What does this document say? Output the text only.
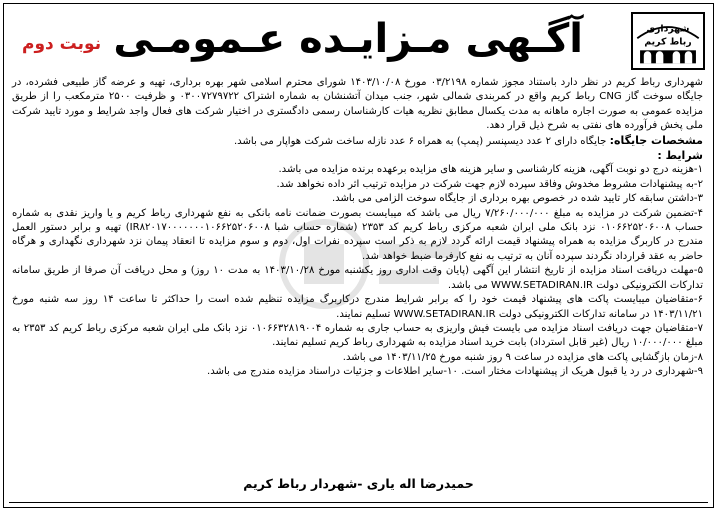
شهرداری
رباط کریم
آگـهی مـزایـده عـمومـی
نوبت دوم

شهرداری رباط کریم در نظر دارد باستناد مجوز شماره ۰۳/۲۱۹۸ مورخ ۱۴۰۳/۱۰/۰۸ شورای محترم اسلامی شهر بهره برداری، تهیه و عرضه گاز طبیعی فشرده، در جایگاه سوخت گاز CNG رباط کریم واقع در کمربندی شمالی شهر، جنب میدان آتشنشان به شماره اشتراک ۰۳۰۰۷۲۷۹۷۲۲ و ظرفیت ۲۵۰۰ مترمکعب را از طریق مزایده عمومی به صورت اجاره ماهانه به مدت یکسال مطابق نظریه هیات کارشناسان رسمی دادگستری در اختیار شرکت های فعال واجد شرایط و مورد تایید شرکت ملی پخش فرآورده های نفتی به شرح ذیل قرار دهد.

مشخصات جایگاه: جایگاه دارای ۲ عدد دیسپنسر (پمپ) به همراه ۶ عدد نازله ساخت شرکت هواپار می باشد.

شرایط :

۱-هزینه درج دو نوبت آگهی، هزینه کارشناسی و سایر هزینه های مزایده برعهده برنده مزایده می باشد.

۲-به پیشنهادات مشروط مخدوش وفاقد سپرده لازم جهت شرکت در مزایده ترتیب اثر داده نخواهد شد.

۳-داشتن سابقه کار تایید شده در خصوص بهره برداری از جایگاه سوخت الزامی می باشد.

۴-تضمین شرکت در مزایده به مبلغ ۷/۲۶۰/۰۰۰/۰۰۰ ریال می باشد که میبایست بصورت ضمانت نامه بانکی به نفع شهرداری رباط کریم و یا واریز نقدی به شماره حساب ۰۱۰۶۶۲۵۲۰۶۰۰۸ نزد بانک ملی ایران شعبه مرکزی رباط کریم کد ۲۳۵۳ (شماره حساب شبا IR۸۲۰۱۷۰۰۰۰۰۰۰۱۰۶۶۲۵۲۰۶۰۰۸) تهیه و برابر دستور العمل مندرج در کاربرگ مزایده به همراه پیشنهاد قیمت ارائه گردد لازم به ذکر است سپرده نفرات اول، دوم و سوم مزایده تا انعقاد پیمان نزد شهرداری نگهداری و هرگاه حاضر به عقد قرارداد نگردند سپرده آنان به ترتیب به نفع کارفرما ضبط خواهد شد.

۵-مهلت دریافت اسناد مزایده از تاریخ انتشار این آگهی (پایان وقت اداری روز یکشنبه مورخ ۱۴۰۳/۱۰/۲۸ به مدت ۱۰ روز) و محل دریافت آن صرفا از طریق سامانه تدارکات الکترونیکی دولت WWW.SETADIRAN.IR می باشد.

۶-متقاضیان میبایست پاکت های پیشنهاد قیمت خود را که برابر شرایط مندرج درکاربرگ مزایده تنظیم شده است را حداکثر تا ساعت ۱۴ روز سه شنبه مورخ ۱۴۰۳/۱۱/۲۱ در سامانه تدارکات الکترونیکی دولت WWW.SETADIRAN.IR تسلیم نمایند.

۷-متقاضیان جهت دریافت اسناد مزایده می بایست فیش واریزی به حساب جاری به شماره ۰۱۰۶۶۳۲۸۱۹۰۰۴ نزد بانک ملی ایران شعبه مرکزی رباط کریم کد ۲۳۵۳ به مبلغ ۱۰/۰۰۰/۰۰۰ ریال (غیر قابل استرداد) بابت خرید اسناد مزایده به شهرداری رباط کریم تسلیم نمایند.

۸-زمان بازگشایی پاکت های مزایده در ساعت ۹ روز شنبه مورخ ۱۴۰۳/۱۱/۲۵ می باشد.

۹-شهرداری در رد یا قبول هریک از پیشنهادات مختار است. ۱۰-سایر اطلاعات و جزئیات دراسناد مزایده مندرج می باشد.

حمیدرضا اله یاری -شهردار رباط کریم
